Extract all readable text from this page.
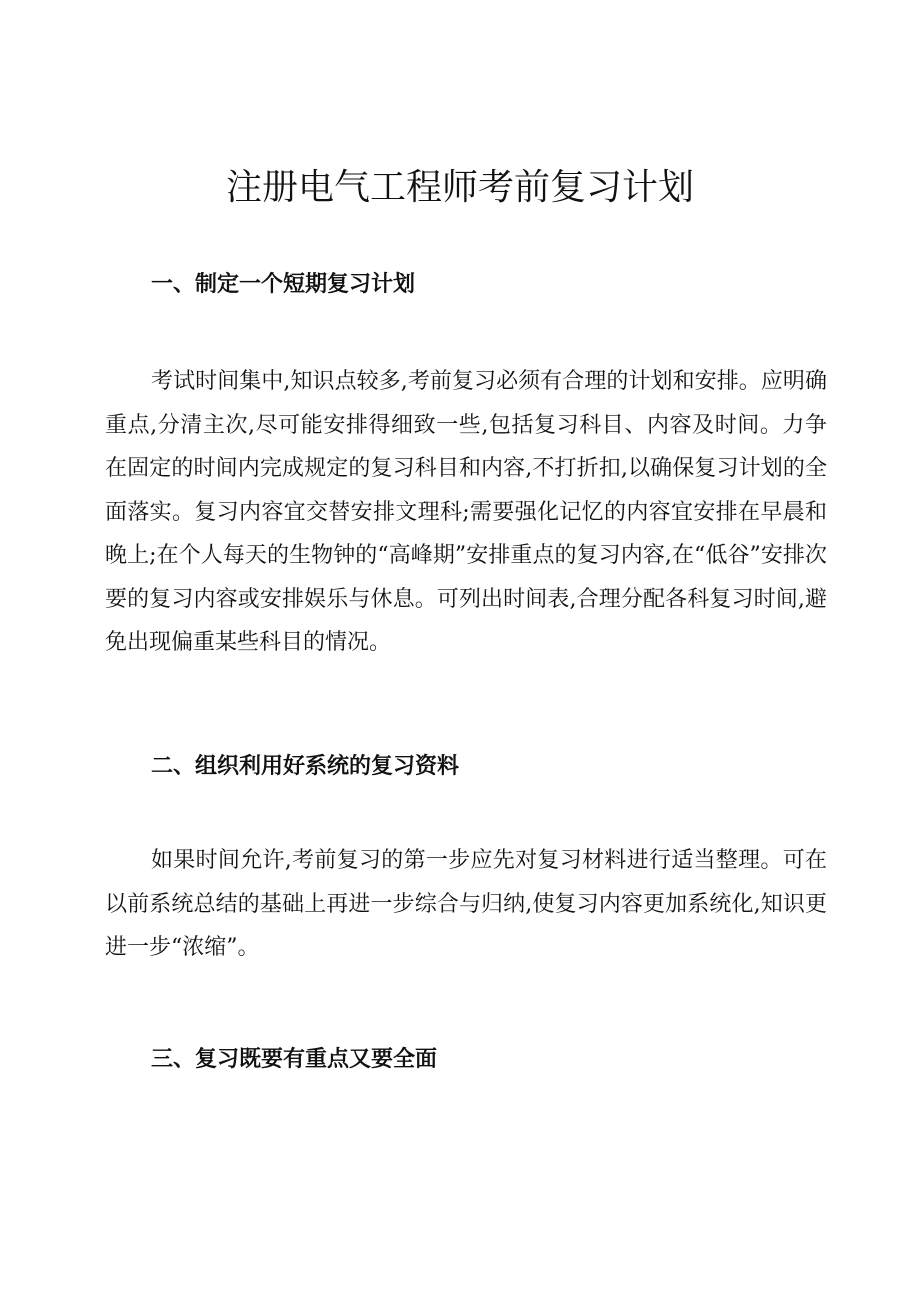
注册电气工程师考前复习计划
一、制定一个短期复习计划

考试时间集中,知识点较多,考前复习必须有合理的计划和安排。应明确重点,分清主次,尽可能安排得细致一些,包括复习科目、内容及时间。力争在固定的时间内完成规定的复习科目和内容,不打折扣,以确保复习计划的全面落实。复习内容宜交替安排文理科;需要强化记忆的内容宜安排在早晨和晚上;在个人每天的生物钟的“高峰期”安排重点的复习内容,在“低谷”安排次要的复习内容或安排娱乐与休息。可列出时间表,合理分配各科复习时间,避免出现偏重某些科目的情况。

二、组织利用好系统的复习资料

如果时间允许,考前复习的第一步应先对复习材料进行适当整理。可在以前系统总结的基础上再进一步综合与归纳,使复习内容更加系统化,知识更进一步“浓缩”。

三、复习既要有重点又要全面
